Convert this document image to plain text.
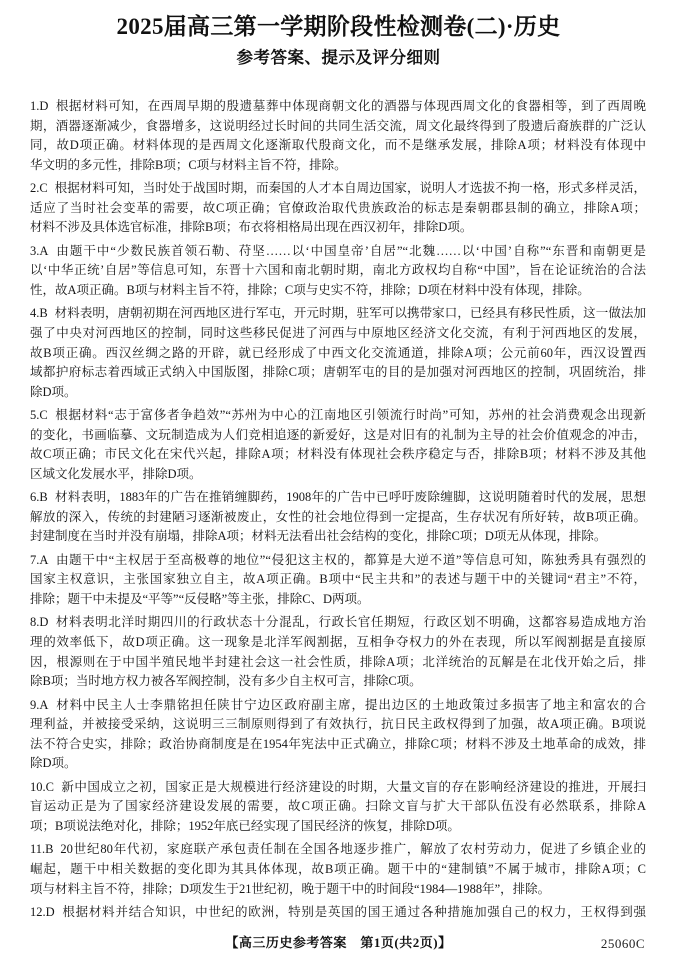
2025届高三第一学期阶段性检测卷(二)·历史
参考答案、提示及评分细则
1.D 根据材料可知，在西周早期的殷遗墓葬中体现商朝文化的酒器与体现西周文化的食器相等，到了西周晚
期，酒器逐渐减少，食器增多，这说明经过长时间的共同生活交流，周文化最终得到了殷遗后裔族群的广泛认
同，故D项正确。材料体现的是西周文化逐渐取代殷商文化，而不是继承发展，排除A项；材料没有体现中
华文明的多元性，排除B项；C项与材料主旨不符，排除。
2.C 根据材料可知，当时处于战国时期，而秦国的人才本自周边国家，说明人才选拔不拘一格，形式多样灵活，
适应了当时社会变革的需要，故C项正确；官僚政治取代贵族政治的标志是秦朝郡县制的确立，排除A项；
材料不涉及具体选官标准，排除B项；布衣将相格局出现在西汉初年，排除D项。
3.A 由题干中“少数民族首领石勒、苻坚……以‘中国皇帝’自居”“北魏……以‘中国’自称”“东晋和南朝更是
以‘中华正统’自居”等信息可知，东晋十六国和南北朝时期，南北方政权均自称“中国”，旨在论证统治的合法
性，故A项正确。B项与材料主旨不符，排除；C项与史实不符，排除；D项在材料中没有体现，排除。
4.B 材料表明，唐朝初期在河西地区进行军屯，开元时期，驻军可以携带家口，已经具有移民性质，这一做法加
强了中央对河西地区的控制，同时这些移民促进了河西与中原地区经济文化交流，有利于河西地区的发展，
故B项正确。西汉丝绸之路的开辟，就已经形成了中西文化交流通道，排除A项；公元前60年，西汉设置西
域都护府标志着西域正式纳入中国版图，排除C项；唐朝军屯的目的是加强对河西地区的控制，巩固统治，排
除D项。
5.C 根据材料“志于富侈者争趋效”“苏州为中心的江南地区引领流行时尚”可知，苏州的社会消费观念出现新
的变化，书画临摹、文玩制造成为人们竞相追逐的新爱好，这是对旧有的礼制为主导的社会价值观念的冲击，
故C项正确；市民文化在宋代兴起，排除A项；材料没有体现社会秩序稳定与否，排除B项；材料不涉及其他
区域文化发展水平，排除D项。
6.B 材料表明，1883年的广告在推销缠脚药，1908年的广告中已呼吁废除缠脚，这说明随着时代的发展，思想
解放的深入，传统的封建陋习逐渐被废止，女性的社会地位得到一定提高，生存状况有所好转，故B项正确。
封建制度在当时并没有崩塌，排除A项；材料无法看出社会结构的变化，排除C项；D项无从体现，排除。
7.A 由题干中“主权居于至高极尊的地位”“侵犯这主权的，都算是大逆不道”等信息可知，陈独秀具有强烈的
国家主权意识，主张国家独立自主，故A项正确。B项中“民主共和”的表述与题干中的关键词“君主”不符，
排除；题干中未提及“平等”“反侵略”等主张，排除C、D两项。
8.D 材料表明北洋时期四川的行政状态十分混乱，行政长官任期短，行政区划不明确，这都容易造成地方治
理的效率低下，故D项正确。这一现象是北洋军阀割据，互相争夺权力的外在表现，所以军阀割据是直接原
因，根源则在于中国半殖民地半封建社会这一社会性质，排除A项；北洋统治的瓦解是在北伐开始之后，排
除B项；当时地方权力被各军阀控制，没有多少自主权可言，排除C项。
9.A 材料中民主人士李鼎铭担任陕甘宁边区政府副主席，提出边区的土地政策过多损害了地主和富农的合
理利益，并被接受采纳，这说明三三制原则得到了有效执行，抗日民主政权得到了加强，故A项正确。B项说
法不符合史实，排除；政治协商制度是在1954年宪法中正式确立，排除C项；材料不涉及土地革命的成效，排
除D项。
10.C 新中国成立之初，国家正是大规模进行经济建设的时期，大量文盲的存在影响经济建设的推进，开展扫
盲运动正是为了国家经济建设发展的需要，故C项正确。扫除文盲与扩大干部队伍没有必然联系，排除A
项；B项说法绝对化，排除；1952年底已经实现了国民经济的恢复，排除D项。
11.B 20世纪80年代初，家庭联产承包责任制在全国各地逐步推广，解放了农村劳动力，促进了乡镇企业的
崛起，题干中相关数据的变化即为其具体体现，故B项正确。题干中的“建制镇”不属于城市，排除A项；C
项与材料主旨不符，排除；D项发生于21世纪初，晚于题干中的时间段“1984—1988年”，排除。
12.D 根据材料并结合知识，中世纪的欧洲，特别是英国的国王通过各种措施加强自己的权力，王权得到强
【高三历史参考答案　第1页(共2页)】	25060C
